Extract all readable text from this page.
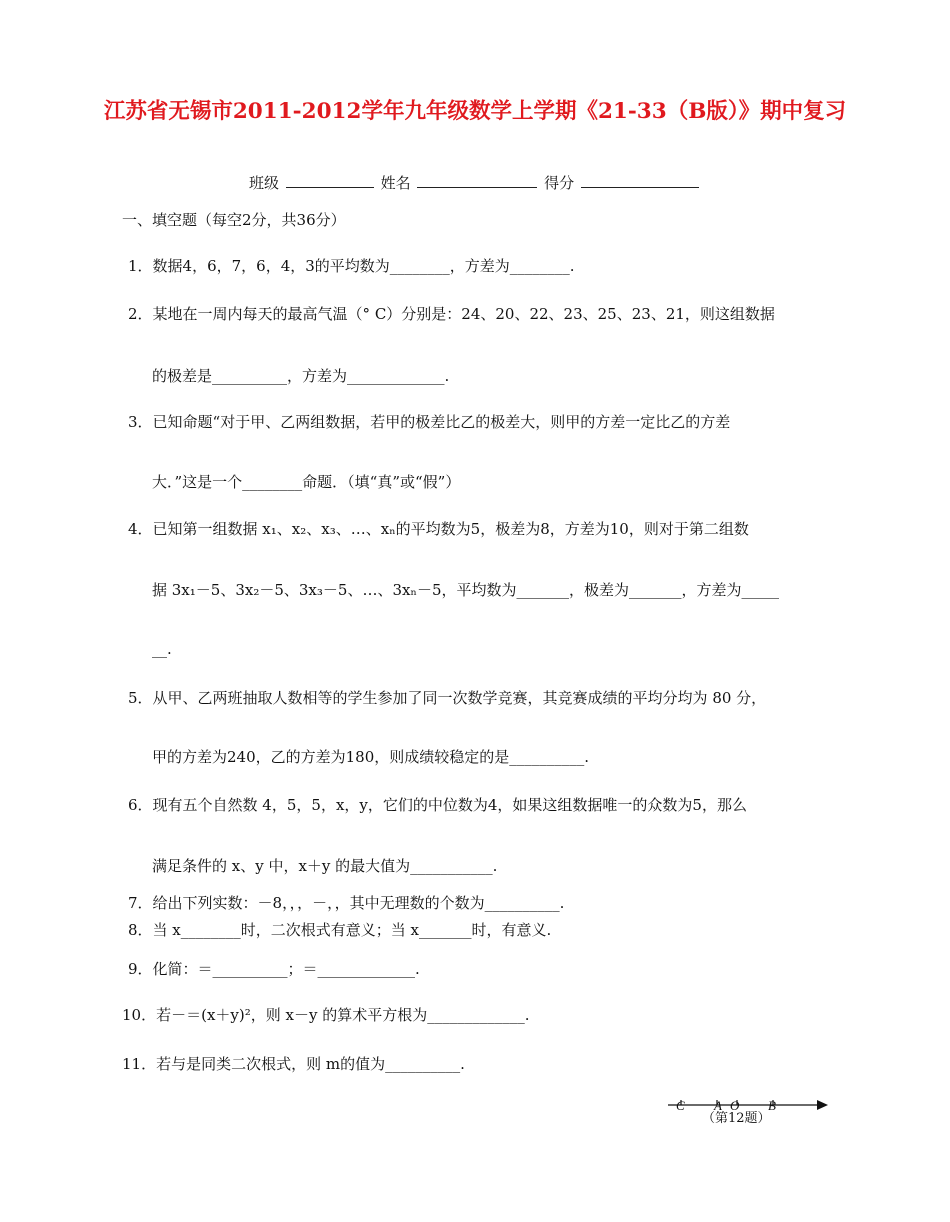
江苏省无锡市2011-2012学年九年级数学上学期《21-33（B版）》期中复习
班级	姓名	得分
一、填空题（每空2分，共36分）
1．数据4，6，7，6，4，3的平均数为________，方差为________.
2．某地在一周内每天的最高气温（° C）分别是：24、20、22、23、25、23、21，则这组数据
的极差是__________，方差为_____________.
3．已知命题“对于甲、乙两组数据，若甲的极差比乙的极差大，则甲的方差一定比乙的方差
大．”这是一个________命题．（填“真”或“假”）
4．已知第一组数据 x₁、x₂、x₃、…、xₙ的平均数为5，极差为8，方差为10，则对于第二组数
据 3x₁－5、3x₂－5、3x₃－5、…、3xₙ－5，平均数为_______，极差为_______，方差为_____
__.
5．从甲、乙两班抽取人数相等的学生参加了同一次数学竞赛，其竞赛成绩的平均分均为 80 分，
甲的方差为240，乙的方差为180，则成绩较稳定的是__________.
6．现有五个自然数 4，5，5，x，y，它们的中位数为4，如果这组数据唯一的众数为5，那么
满足条件的 x、y 中，x＋y 的最大值为___________.
7．给出下列实数：－8，，，－，，其中无理数的个数为__________.
8．当 x________时，二次根式有意义；当 x_______时，有意义.
9．化简：＝__________；＝_____________.
10．若－＝(x＋y)²，则 x－y 的算术平方根为_____________.
11．若与是同类二次根式，则 m的值为__________.
C A O B
（第12题）
